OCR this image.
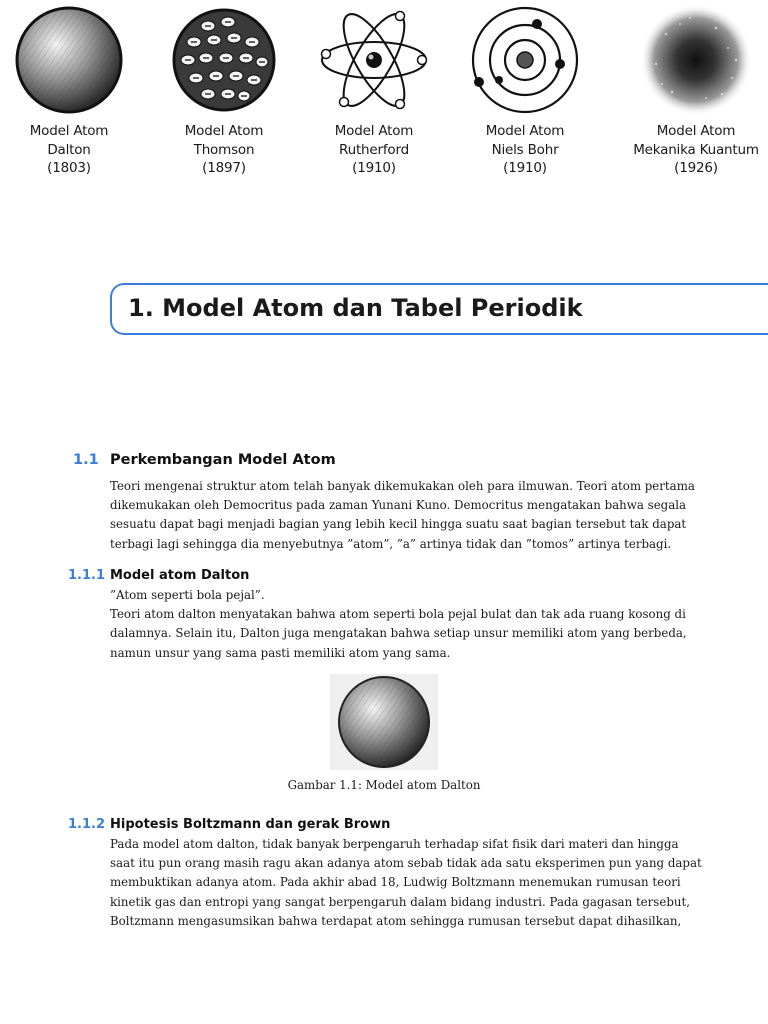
Model Atom
Dalton
(1803)
Model Atom
Thomson
(1897)
Model Atom
Rutherford
(1910)
Model Atom
Niels Bohr
(1910)
Model Atom
Mekanika Kuantum
(1926)
1. Model Atom dan Tabel Periodik
1.1 Perkembangan Model Atom
Teori mengenai struktur atom telah banyak dikemukakan oleh para ilmuwan. Teori atom pertama
dikemukakan oleh Democritus pada zaman Yunani Kuno. Democritus mengatakan bahwa segala
sesuatu dapat bagi menjadi bagian yang lebih kecil hingga suatu saat bagian tersebut tak dapat
terbagi lagi sehingga dia menyebutnya ”atom”, ”a” artinya tidak dan ”tomos” artinya terbagi.
1.1.1 Model atom Dalton
”Atom seperti bola pejal”.
Teori atom dalton menyatakan bahwa atom seperti bola pejal bulat dan tak ada ruang kosong di
dalamnya. Selain itu, Dalton juga mengatakan bahwa setiap unsur memiliki atom yang berbeda,
namun unsur yang sama pasti memiliki atom yang sama.
Gambar 1.1: Model atom Dalton
1.1.2 Hipotesis Boltzmann dan gerak Brown
Pada model atom dalton, tidak banyak berpengaruh terhadap sifat fisik dari materi dan hingga
saat itu pun orang masih ragu akan adanya atom sebab tidak ada satu eksperimen pun yang dapat
membuktikan adanya atom. Pada akhir abad 18, Ludwig Boltzmann menemukan rumusan teori
kinetik gas dan entropi yang sangat berpengaruh dalam bidang industri. Pada gagasan tersebut,
Boltzmann mengasumsikan bahwa terdapat atom sehingga rumusan tersebut dapat dihasilkan,
